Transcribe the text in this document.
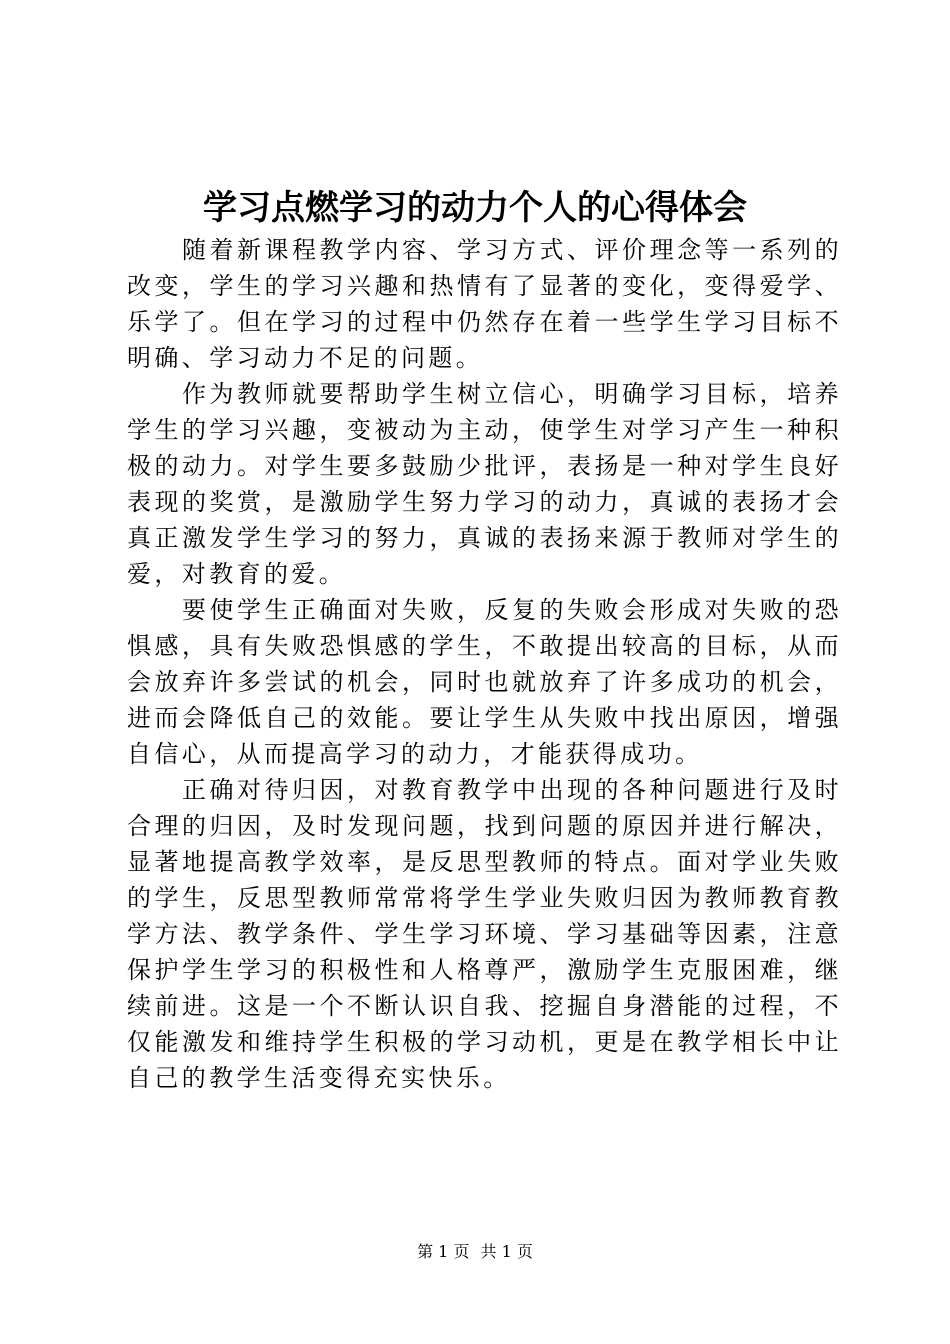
学习点燃学习的动力个人的心得体会

随着新课程教学内容、学习方式、评价理念等一系列的改变，学生的学习兴趣和热情有了显著的变化，变得爱学、乐学了。但在学习的过程中仍然存在着一些学生学习目标不明确、学习动力不足的问题。

作为教师就要帮助学生树立信心，明确学习目标，培养学生的学习兴趣，变被动为主动，使学生对学习产生一种积极的动力。对学生要多鼓励少批评，表扬是一种对学生良好表现的奖赏，是激励学生努力学习的动力，真诚的表扬才会真正激发学生学习的努力，真诚的表扬来源于教师对学生的爱，对教育的爱。

要使学生正确面对失败，反复的失败会形成对失败的恐惧感，具有失败恐惧感的学生，不敢提出较高的目标，从而会放弃许多尝试的机会，同时也就放弃了许多成功的机会，进而会降低自己的效能。要让学生从失败中找出原因，增强自信心，从而提高学习的动力，才能获得成功。

正确对待归因，对教育教学中出现的各种问题进行及时合理的归因，及时发现问题，找到问题的原因并进行解决，显著地提高教学效率，是反思型教师的特点。面对学业失败的学生，反思型教师常常将学生学业失败归因为教师教育教学方法、教学条件、学生学习环境、学习基础等因素，注意保护学生学习的积极性和人格尊严，激励学生克服困难，继续前进。这是一个不断认识自我、挖掘自身潜能的过程，不仅能激发和维持学生积极的学习动机，更是在教学相长中让自己的教学生活变得充实快乐。

第 1 页 共 1 页
